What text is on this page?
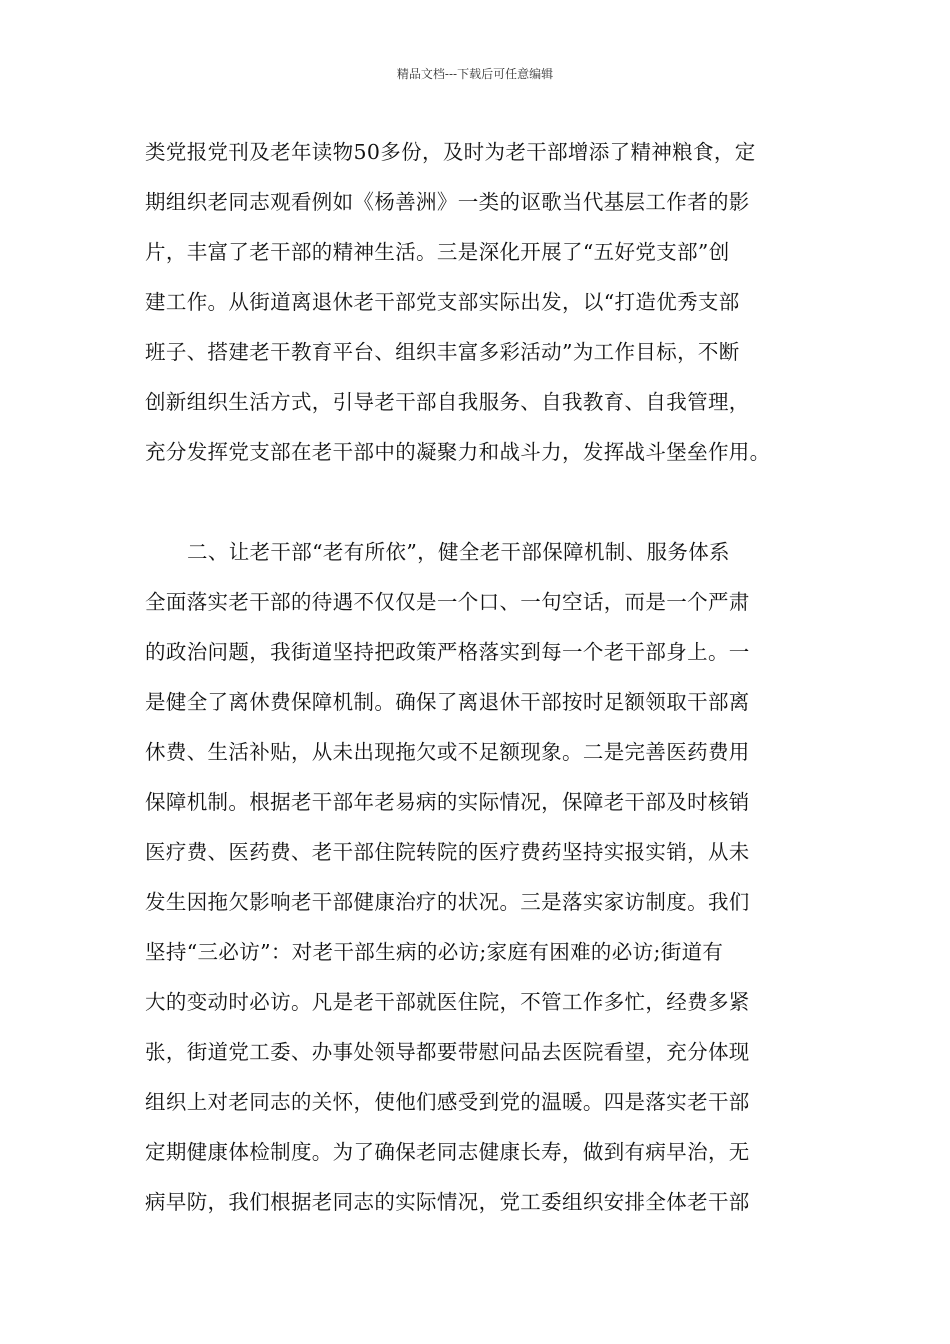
精品文档---下载后可任意编辑
类党报党刊及老年读物50多份，及时为老干部增添了精神粮食，定
期组织老同志观看例如《杨善洲》一类的讴歌当代基层工作者的影
片，丰富了老干部的精神生活。三是深化开展了“五好党支部”创
建工作。从街道离退休老干部党支部实际出发，以“打造优秀支部
班子、搭建老干教育平台、组织丰富多彩活动”为工作目标，不断
创新组织生活方式，引导老干部自我服务、自我教育、自我管理，
充分发挥党支部在老干部中的凝聚力和战斗力，发挥战斗堡垒作用。
二、让老干部“老有所依”，健全老干部保障机制、服务体系
全面落实老干部的待遇不仅仅是一个口、一句空话，而是一个严肃
的政治问题，我街道坚持把政策严格落实到每一个老干部身上。一
是健全了离休费保障机制。确保了离退休干部按时足额领取干部离
休费、生活补贴，从未出现拖欠或不足额现象。二是完善医药费用
保障机制。根据老干部年老易病的实际情况，保障老干部及时核销
医疗费、医药费、老干部住院转院的医疗费药坚持实报实销，从未
发生因拖欠影响老干部健康治疗的状况。三是落实家访制度。我们
坚持“三必访”：对老干部生病的必访;家庭有困难的必访;街道有
大的变动时必访。凡是老干部就医住院，不管工作多忙，经费多紧
张，街道党工委、办事处领导都要带慰问品去医院看望，充分体现
组织上对老同志的关怀，使他们感受到党的温暖。四是落实老干部
定期健康体检制度。为了确保老同志健康长寿，做到有病早治，无
病早防，我们根据老同志的实际情况，党工委组织安排全体老干部
